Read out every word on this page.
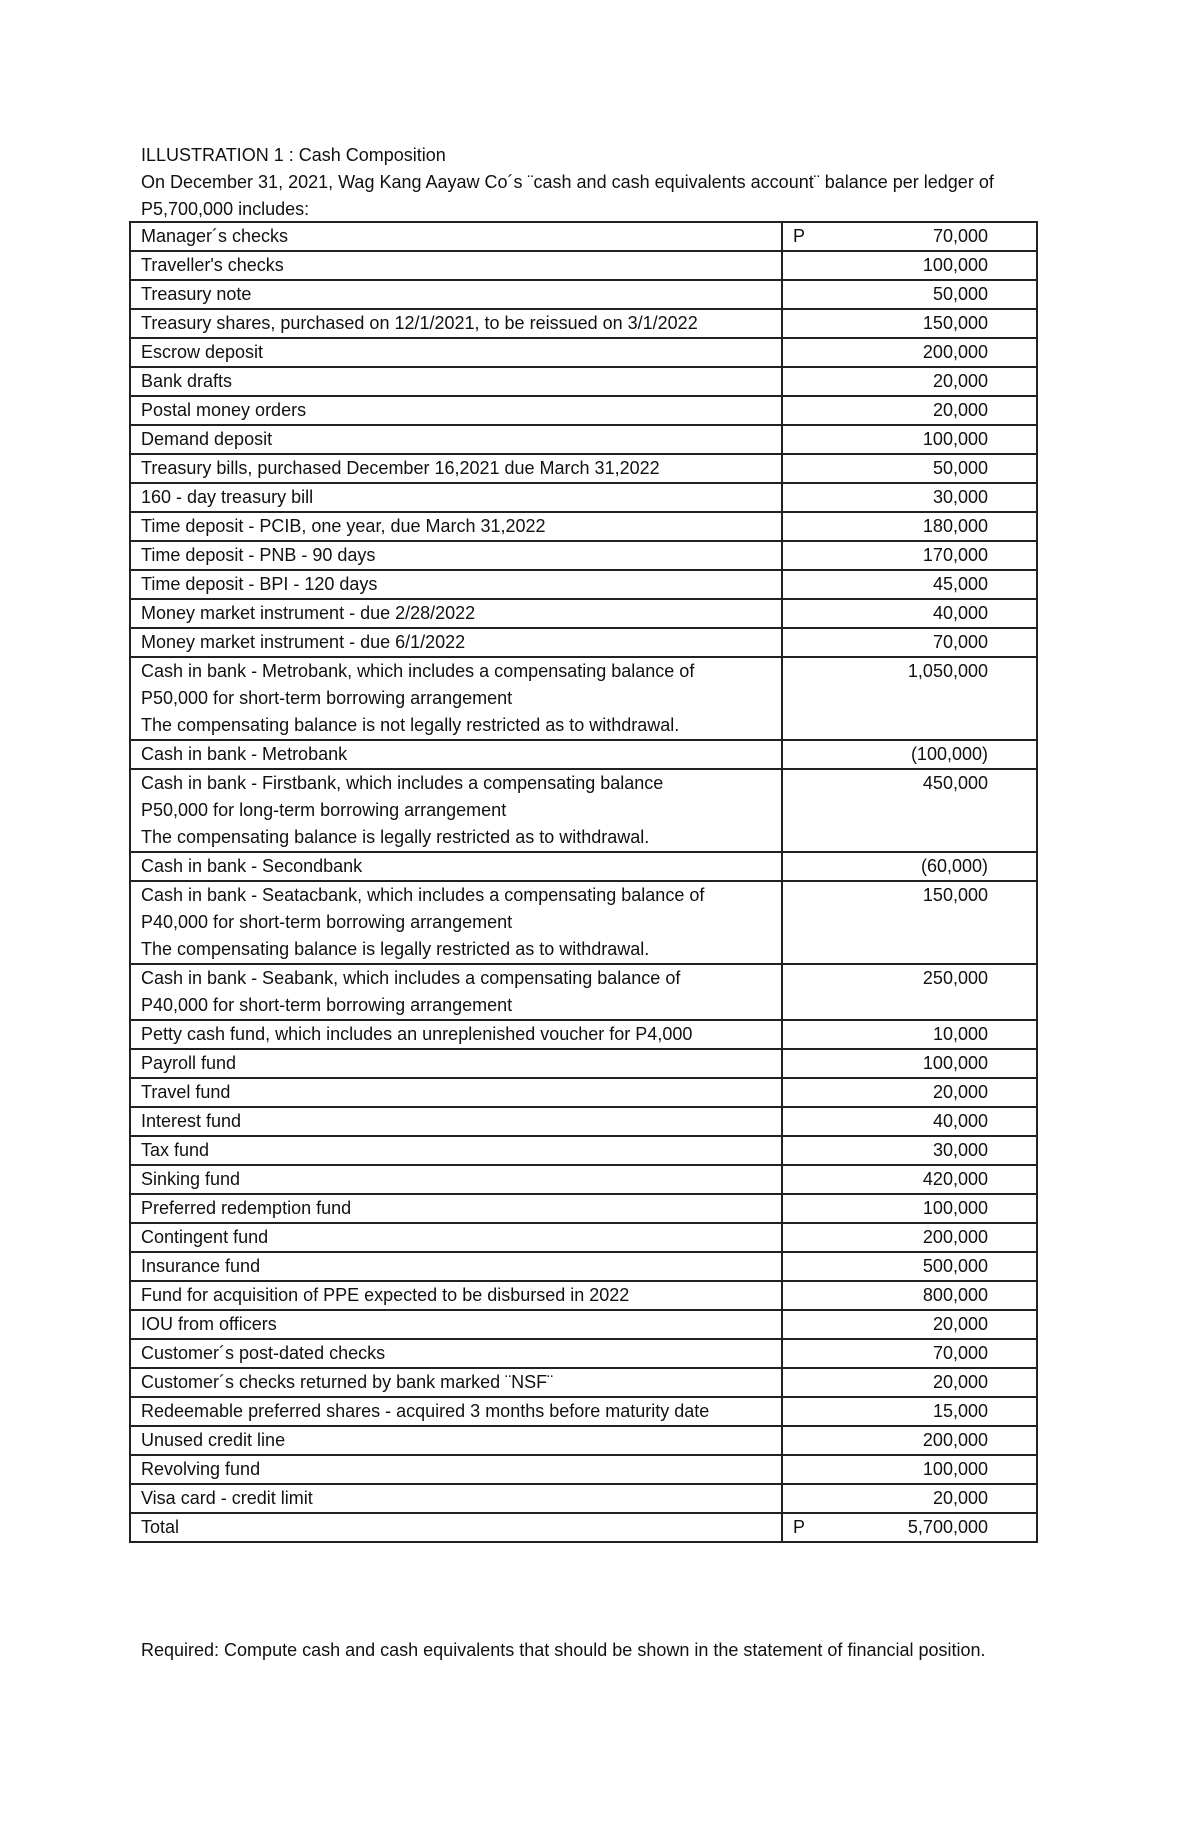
ILLUSTRATION 1 : Cash Composition
On December 31, 2021, Wag Kang Aayaw Co´s ¨cash and cash equivalents account¨ balance per ledger of P5,700,000 includes:
Manager´s checks	P 70,000

Traveller's checks	100,000

Treasury note	50,000

Treasury shares, purchased on 12/1/2021, to be reissued on 3/1/2022	150,000

Escrow deposit	200,000

Bank drafts	20,000

Postal money orders	20,000

Demand deposit	100,000

Treasury bills, purchased December 16,2021 due March 31,2022	50,000

160 - day treasury bill	30,000

Time deposit - PCIB, one year, due March 31,2022	180,000

Time deposit - PNB - 90 days	170,000

Time deposit - BPI - 120 days	45,000

Money market instrument - due 2/28/2022	40,000

Money market instrument - due 6/1/2022	70,000

Cash in bank - Metrobank, which includes a compensating balance of
P50,000 for short-term borrowing arrangement
The compensating balance is not legally restricted as to withdrawal.	1,050,000

Cash in bank - Metrobank	(100,000)

Cash in bank - Firstbank, which includes a compensating balance
P50,000 for long-term borrowing arrangement
The compensating balance is legally restricted as to withdrawal.	450,000

Cash in bank - Secondbank	(60,000)

Cash in bank - Seatacbank, which includes a compensating balance of
P40,000 for short-term borrowing arrangement
The compensating balance is legally restricted as to withdrawal.	150,000

Cash in bank - Seabank, which includes a compensating balance of
P40,000 for short-term borrowing arrangement	250,000

Petty cash fund, which includes an unreplenished voucher for P4,000	10,000

Payroll fund	100,000

Travel fund	20,000

Interest fund	40,000

Tax fund	30,000

Sinking fund	420,000

Preferred redemption fund	100,000

Contingent fund	200,000

Insurance fund	500,000

Fund for acquisition of PPE expected to be disbursed in 2022	800,000

IOU from officers	20,000

Customer´s post-dated checks	70,000

Customer´s checks returned by bank marked ¨NSF¨	20,000

Redeemable preferred shares - acquired 3 months before maturity date	15,000

Unused credit line	200,000

Revolving fund	100,000

Visa card - credit limit	20,000

Total	P 5,700,000
Required: Compute cash and cash equivalents that should be shown in the statement of financial position.
